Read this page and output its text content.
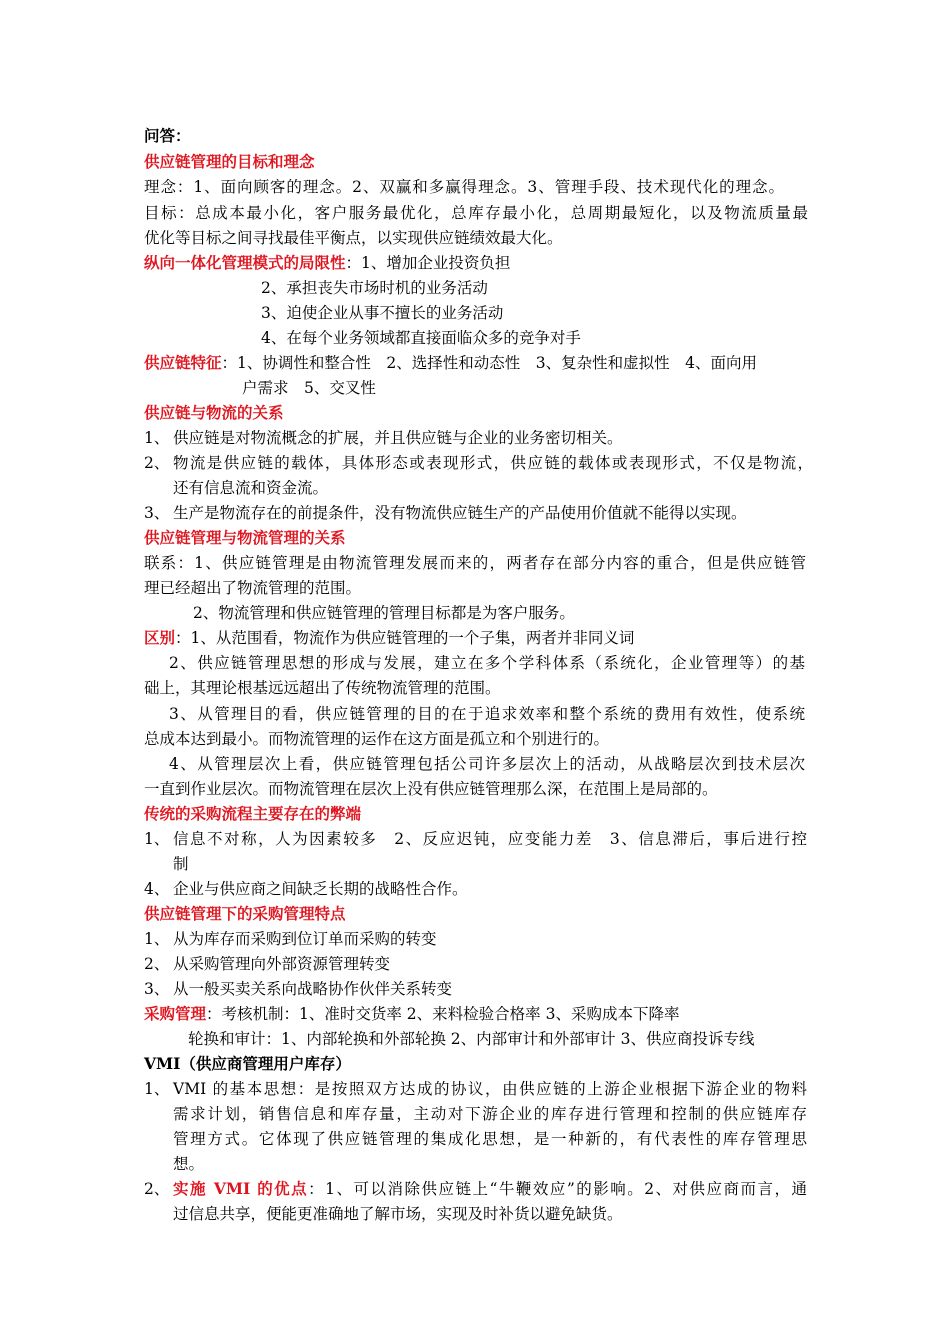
问答：
供应链管理的目标和理念
理念：1、面向顾客的理念。2、双赢和多赢得理念。3、管理手段、技术现代化的理念。
目标：总成本最小化，客户服务最优化，总库存最小化，总周期最短化，以及物流质量最
优化等目标之间寻找最佳平衡点，以实现供应链绩效最大化。
纵向一体化管理模式的局限性：1、增加企业投资负担
2、承担丧失市场时机的业务活动
3、迫使企业从事不擅长的业务活动
4、在每个业务领域都直接面临众多的竞争对手
供应链特征：1、协调性和整合性　2、选择性和动态性　3、复杂性和虚拟性　4、面向用
户需求　5、交叉性
供应链与物流的关系
1、 供应链是对物流概念的扩展，并且供应链与企业的业务密切相关。
2、 物流是供应链的载体，具体形态或表现形式，供应链的载体或表现形式，不仅是物流，
还有信息流和资金流。
3、 生产是物流存在的前提条件，没有物流供应链生产的产品使用价值就不能得以实现。
供应链管理与物流管理的关系
联系：1、供应链管理是由物流管理发展而来的，两者存在部分内容的重合，但是供应链管
理已经超出了物流管理的范围。
2、物流管理和供应链管理的管理目标都是为客户服务。
区别：1、从范围看，物流作为供应链管理的一个子集，两者并非同义词
2、供应链管理思想的形成与发展，建立在多个学科体系（系统化，企业管理等）的基
础上，其理论根基远远超出了传统物流管理的范围。
3、从管理目的看，供应链管理的目的在于追求效率和整个系统的费用有效性，使系统
总成本达到最小。而物流管理的运作在这方面是孤立和个别进行的。
4、从管理层次上看，供应链管理包括公司许多层次上的活动，从战略层次到技术层次
一直到作业层次。而物流管理在层次上没有供应链管理那么深，在范围上是局部的。
传统的采购流程主要存在的弊端
1、 信息不对称，人为因素较多　2、反应迟钝，应变能力差　3、信息滞后，事后进行控
制
4、 企业与供应商之间缺乏长期的战略性合作。
供应链管理下的采购管理特点
1、 从为库存而采购到位订单而采购的转变
2、 从采购管理向外部资源管理转变
3、 从一般买卖关系向战略协作伙伴关系转变
采购管理：考核机制：1、准时交货率 2、来料检验合格率 3、采购成本下降率
轮换和审计：1、内部轮换和外部轮换 2、内部审计和外部审计 3、供应商投诉专线
VMI（供应商管理用户库存）
1、 VMI 的基本思想：是按照双方达成的协议，由供应链的上游企业根据下游企业的物料
需求计划，销售信息和库存量，主动对下游企业的库存进行管理和控制的供应链库存
管理方式。它体现了供应链管理的集成化思想，是一种新的，有代表性的库存管理思
想。
2、 实施 VMI 的优点：1、可以消除供应链上“牛鞭效应”的影响。2、对供应商而言，通
过信息共享，便能更准确地了解市场，实现及时补货以避免缺货。
